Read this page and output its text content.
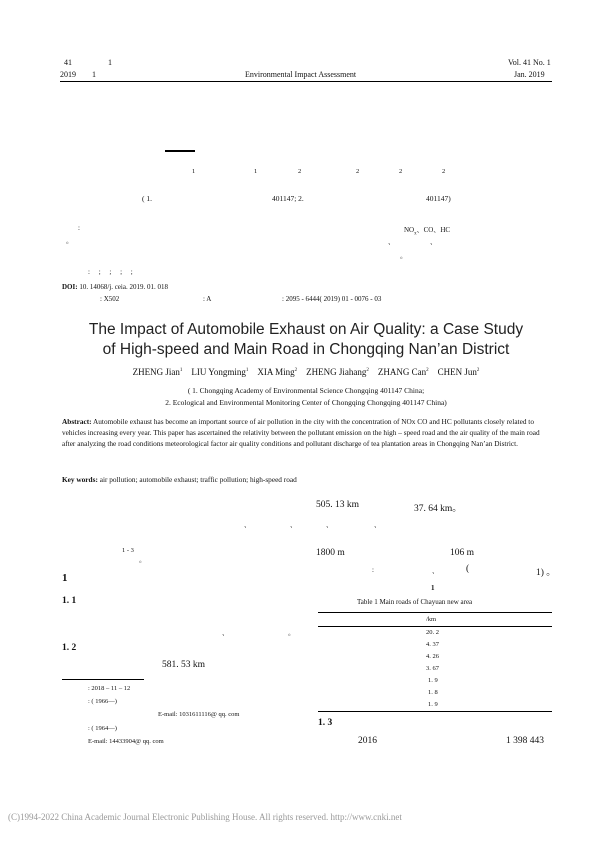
41	1
2019 1	Environmental Impact Assessment
Vol. 41 No. 1
Jan. 2019
1	1	2	2	2	2
( 1.	401147; 2.	401147)
:	$NO_x$、CO、HC
。	、	、
。
: ; ; ; ;
DOI: 10. 14068/j. ceia. 2019. 01. 018
: X502	: A	: 2095 - 6444( 2019) 01 - 0076 - 03
The Impact of Automobile Exhaust on Air Quality: a Case Study
of High-speed and Main Road in Chongqing Nan’an District
ZHENG Jian$^1$ LIU Yongming$^1$ XIA Ming$^2$ ZHENG Jiahang$^2$ ZHANG Can$^2$ CHEN Jun$^2$
( 1. Chongqing Academy of Environmental Science Chongqing 401147 China;
2. Ecological and Environmental Monitoring Center of Chongqing Chongqing 401147 China)
Abstract: Automobile exhaust has become an important source of air pollution in the city with the concentration of NOx CO and HC pollutants closely related to vehicles increasing every year. This paper has ascertained the relativity between the pollutant emission on the high – speed road and the air quality of the main road after analyzing the road conditions meteorological factor air quality conditions and pollutant discharge of tea plantation areas in Chongqing Nan’an District.
Key words: air pollution; automobile exhaust; traffic pollution; high-speed road
、	、	、	、
1 - 3
。
1
1. 1
、	。
1. 2
581. 53 km
: 2018 – 11 – 12
: ( 1966—)
E-mail: 1031611116@ qq. com
: ( 1964—)
E-mail: 14433904@ qq. com
505. 13 km	37. 64 km。
1800 m	106 m
:	、	(	1) 。
1
Table 1 Main roads of Chayuan new area
/km
20. 2
4. 37
4. 26
3. 67
1. 9
1. 8
1. 9
1. 3
2016	1 398 443
(C)1994-2022 China Academic Journal Electronic Publishing House. All rights reserved. http://www.cnki.net
